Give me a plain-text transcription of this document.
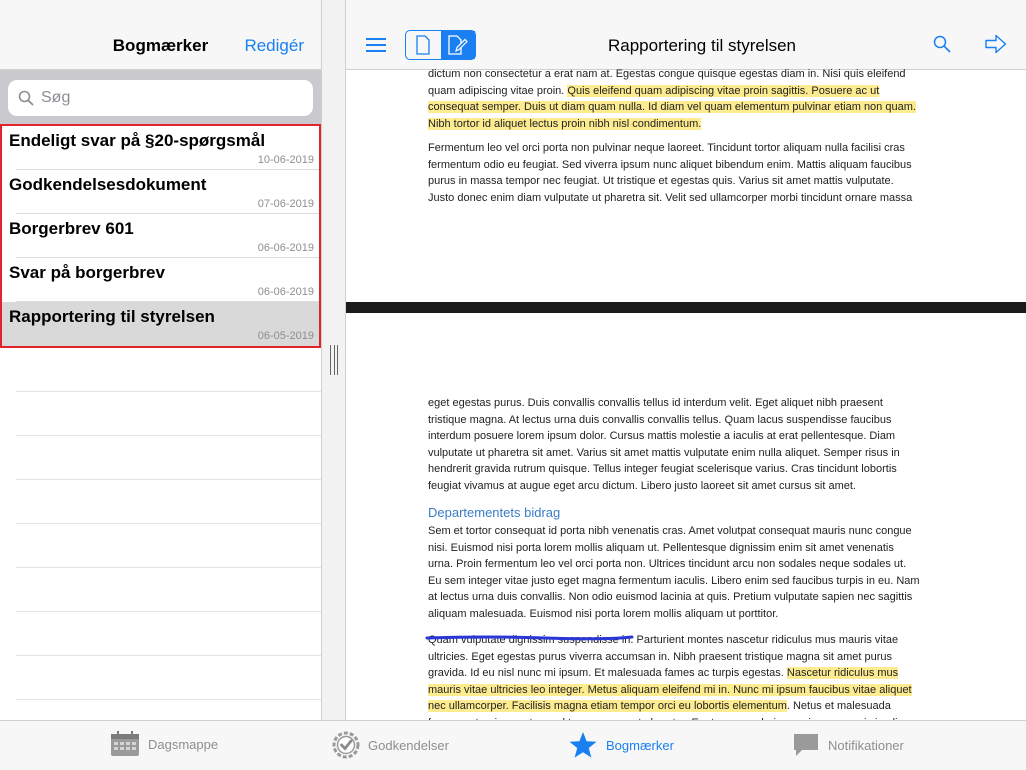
Bogmærker	Redigér
Søg
Endeligt svar på §20-spørgsmål
10-06-2019
Godkendelsesdokument
07-06-2019
Borgerbrev 601
06-06-2019
Svar på borgerbrev
06-06-2019
Rapportering til styrelsen
06-05-2019
Rapportering til styrelsen
dictum non consectetur a erat nam at. Egestas congue quisque egestas diam in. Nisi quis eleifend
quam adipiscing vitae proin. Quis eleifend quam adipiscing vitae proin sagittis. Posuere ac ut
consequat semper. Duis ut diam quam nulla. Id diam vel quam elementum pulvinar etiam non quam.
Nibh tortor id aliquet lectus proin nibh nisl condimentum.
Fermentum leo vel orci porta non pulvinar neque laoreet. Tincidunt tortor aliquam nulla facilisi cras
fermentum odio eu feugiat. Sed viverra ipsum nunc aliquet bibendum enim. Mattis aliquam faucibus
purus in massa tempor nec feugiat. Ut tristique et egestas quis. Varius sit amet mattis vulputate.
Justo donec enim diam vulputate ut pharetra sit. Velit sed ullamcorper morbi tincidunt ornare massa
eget egestas purus. Duis convallis convallis tellus id interdum velit. Eget aliquet nibh praesent
tristique magna. At lectus urna duis convallis convallis tellus. Quam lacus suspendisse faucibus
interdum posuere lorem ipsum dolor. Cursus mattis molestie a iaculis at erat pellentesque. Diam
vulputate ut pharetra sit amet. Varius sit amet mattis vulputate enim nulla aliquet. Semper risus in
hendrerit gravida rutrum quisque. Tellus integer feugiat scelerisque varius. Cras tincidunt lobortis
feugiat vivamus at augue eget arcu dictum. Libero justo laoreet sit amet cursus sit amet.
Departementets bidrag
Sem et tortor consequat id porta nibh venenatis cras. Amet volutpat consequat mauris nunc congue
nisi. Euismod nisi porta lorem mollis aliquam ut. Pellentesque dignissim enim sit amet venenatis
urna. Proin fermentum leo vel orci porta non. Ultrices tincidunt arcu non sodales neque sodales ut.
Eu sem integer vitae justo eget magna fermentum iaculis. Libero enim sed faucibus turpis in eu. Nam
at lectus urna duis convallis. Non odio euismod lacinia at quis. Pretium vulputate sapien nec sagittis
aliquam malesuada. Euismod nisi porta lorem mollis aliquam ut porttitor.
Quam vulputate dignissim suspendisse in. Parturient montes nascetur ridiculus mus mauris vitae
ultricies. Eget egestas purus viverra accumsan in. Nibh praesent tristique magna sit amet purus
gravida. Id eu nisl nunc mi ipsum. Et malesuada fames ac turpis egestas. Nascetur ridiculus mus
mauris vitae ultricies leo integer. Metus aliquam eleifend mi in. Nunc mi ipsum faucibus vitae aliquet
nec ullamcorper. Facilisis magna etiam tempor orci eu lobortis elementum. Netus et malesuada
Dagsmappe	Godkendelser	Bogmærker	Notifikationer
